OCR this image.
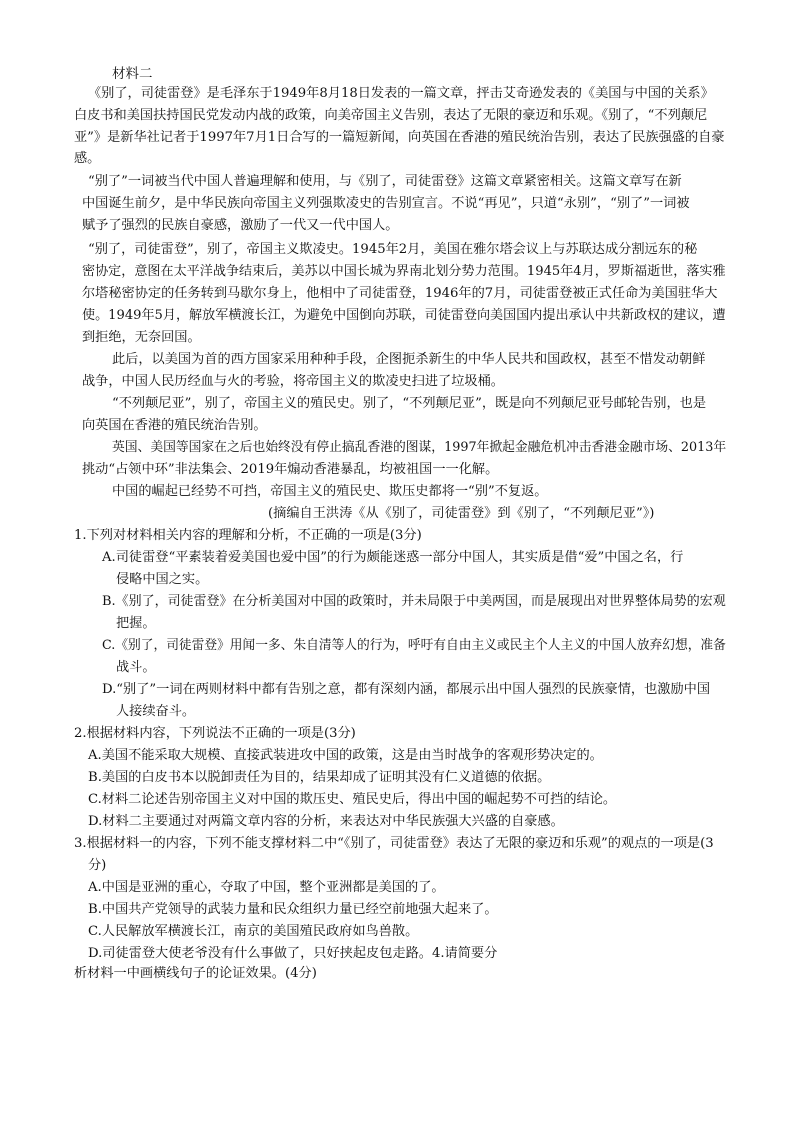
材料二
《别了，司徒雷登》是毛泽东于1949年8月18日发表的一篇文章，抨击艾奇逊发表的《美国与中国的关系》
白皮书和美国扶持国民党发动内战的政策，向美帝国主义告别，表达了无限的豪迈和乐观。《别了，“不列颠尼
亚”》是新华社记者于1997年7月1日合写的一篇短新闻，向英国在香港的殖民统治告别，表达了民族强盛的自豪
感。
“别了”一词被当代中国人普遍理解和使用，与《别了，司徒雷登》这篇文章紧密相关。这篇文章写在新
中国诞生前夕，是中华民族向帝国主义列强欺凌史的告别宣言。不说“再见”，只道“永别”，“别了”一词被
赋予了强烈的民族自豪感，激励了一代又一代中国人。
“别了，司徒雷登”，别了，帝国主义欺凌史。1945年2月，美国在雅尔塔会议上与苏联达成分割远东的秘
密协定，意图在太平洋战争结束后，美苏以中国长城为界南北划分势力范围。1945年4月，罗斯福逝世，落实雅
尔塔秘密协定的任务转到马歇尔身上，他相中了司徒雷登，1946年的7月，司徒雷登被正式任命为美国驻华大
使。1949年5月，解放军横渡长江，为避免中国倒向苏联，司徒雷登向美国国内提出承认中共新政权的建议，遭
到拒绝，无奈回国。
此后，以美国为首的西方国家采用种种手段，企图扼杀新生的中华人民共和国政权，甚至不惜发动朝鲜
战争，中国人民历经血与火的考验，将帝国主义的欺凌史扫进了垃圾桶。
“不列颠尼亚”，别了，帝国主义的殖民史。别了，“不列颠尼亚”，既是向不列颠尼亚号邮轮告别，也是
向英国在香港的殖民统治告别。
英国、美国等国家在之后也始终没有停止搞乱香港的图谋，1997年掀起金融危机冲击香港金融市场、2013年
挑动“占领中环”非法集会、2019年煽动香港暴乱，均被祖国一一化解。
中国的崛起已经势不可挡，帝国主义的殖民史、欺压史都将一“别”不复返。
(摘编自王洪涛《从《别了，司徒雷登》到《别了，“不列颠尼亚”》)
1.下列对材料相关内容的理解和分析，不正确的一项是(3分)
A.司徒雷登“平素装着爱美国也爱中国”的行为颇能迷惑一部分中国人，其实质是借“爱”中国之名，行
侵略中国之实。
B.《别了，司徒雷登》在分析美国对中国的政策时，并未局限于中美两国，而是展现出对世界整体局势的宏观
把握。
C.《别了，司徒雷登》用闻一多、朱自清等人的行为，呼吁有自由主义或民主个人主义的中国人放弃幻想，准备
战斗。
D.“别了”一词在两则材料中都有告别之意，都有深刻内涵，都展示出中国人强烈的民族豪情，也激励中国
人接续奋斗。
2.根据材料内容，下列说法不正确的一项是(3分)
A.美国不能采取大规模、直接武装进攻中国的政策，这是由当时战争的客观形势决定的。
B.美国的白皮书本以脱卸责任为目的，结果却成了证明其没有仁义道德的依据。
C.材料二论述告别帝国主义对中国的欺压史、殖民史后，得出中国的崛起势不可挡的结论。
D.材料二主要通过对两篇文章内容的分析，来表达对中华民族强大兴盛的自豪感。
3.根据材料一的内容，下列不能支撑材料二中“《别了，司徒雷登》表达了无限的豪迈和乐观”的观点的一项是(3
分)
A.中国是亚洲的重心，夺取了中国，整个亚洲都是美国的了。
B.中国共产党领导的武装力量和民众组织力量已经空前地强大起来了。
C.人民解放军横渡长江，南京的美国殖民政府如鸟兽散。
D.司徒雷登大使老爷没有什么事做了，只好挟起皮包走路。4.请简要分
析材料一中画横线句子的论证效果。(4分)
